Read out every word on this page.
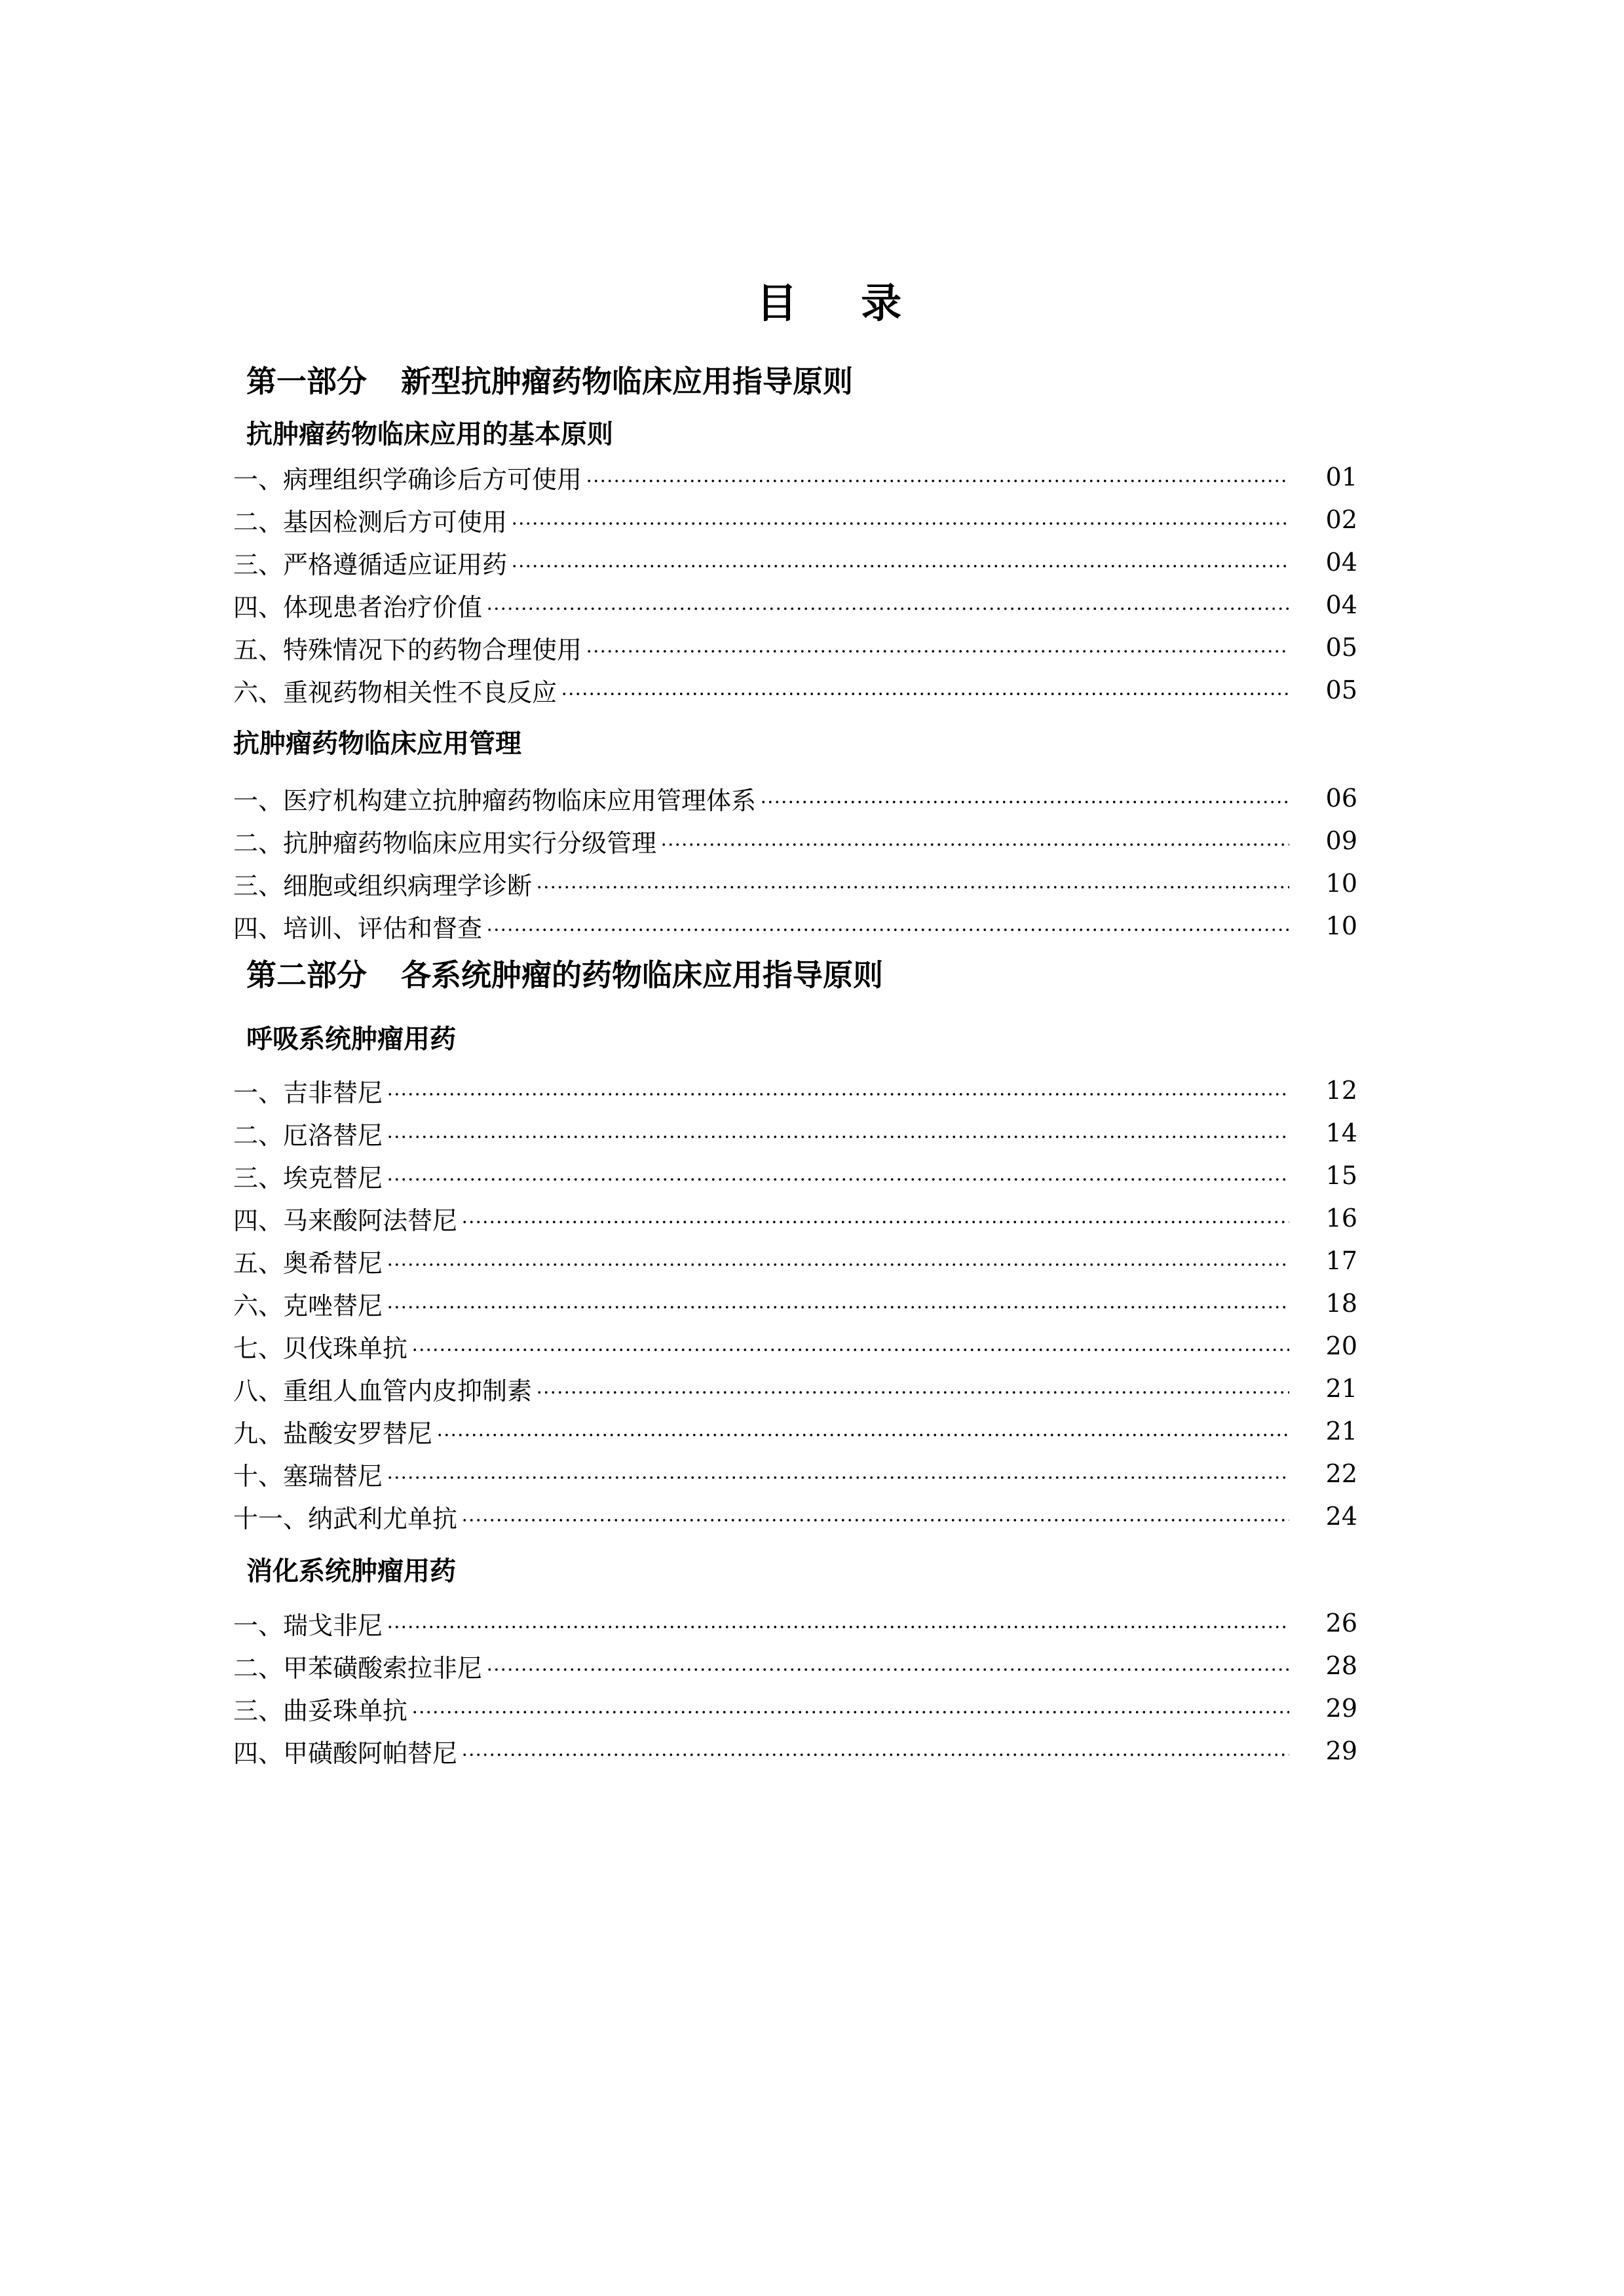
目 录
第一部分 新型抗肿瘤药物临床应用指导原则
抗肿瘤药物临床应用的基本原则
一、病理组织学确诊后方可使用	01
二、基因检测后方可使用	02
三、严格遵循适应证用药	04
四、体现患者治疗价值	04
五、特殊情况下的药物合理使用	05
六、重视药物相关性不良反应	05
抗肿瘤药物临床应用管理
一、医疗机构建立抗肿瘤药物临床应用管理体系	06
二、抗肿瘤药物临床应用实行分级管理	09
三、细胞或组织病理学诊断	10
四、培训、评估和督查	10
第二部分 各系统肿瘤的药物临床应用指导原则
呼吸系统肿瘤用药
一、吉非替尼	12
二、厄洛替尼	14
三、埃克替尼	15
四、马来酸阿法替尼	16
五、奥希替尼	17
六、克唑替尼	18
七、贝伐珠单抗	20
八、重组人血管内皮抑制素	21
九、盐酸安罗替尼	21
十、塞瑞替尼	22
十一、纳武利尤单抗	24
消化系统肿瘤用药
一、瑞戈非尼	26
二、甲苯磺酸索拉非尼	28
三、曲妥珠单抗	29
四、甲磺酸阿帕替尼	29
